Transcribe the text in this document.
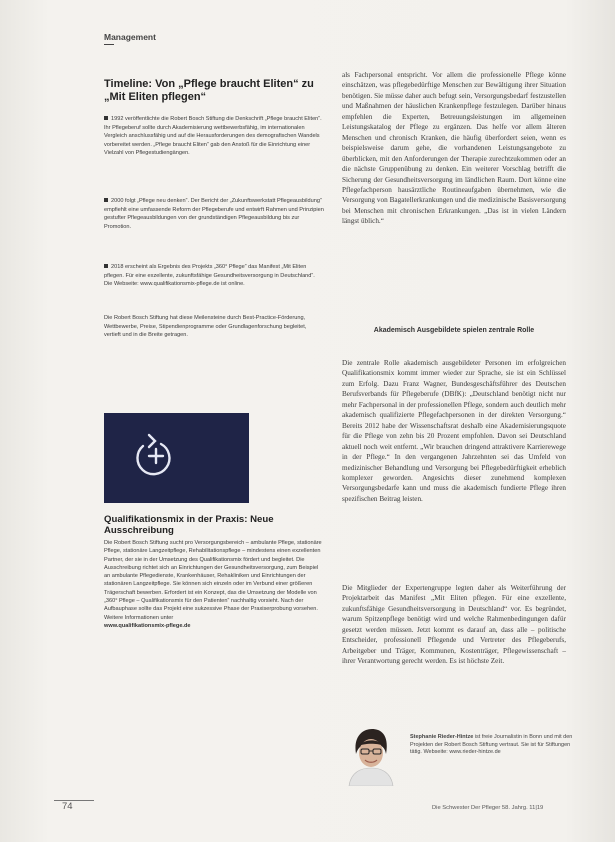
Management
Timeline: Von „Pflege braucht Eliten“ zu „Mit Eliten pflegen“
1992 veröffentlichte die Robert Bosch Stiftung die Denkschrift „Pflege braucht Eliten“. Ihr Pflegeberuf sollte durch Akademisierung wettbewerbsfähig, im internationalen Vergleich anschlussfähig und auf die Herausforderungen des demografischen Wandels vorbereitet werden. „Pflege braucht Eliten“ gab den Anstoß für die Einrichtung einer Vielzahl von Pflegestudiengängen.
2000 folgt „Pflege neu denken“. Der Bericht der „Zukunftswerkstatt Pflegeausbildung“ empfiehlt eine umfassende Reform der Pflegeberufe und entwirft Rahmen und Prinzipien gestufter Pflegeausbildungen von der grundständigen Pflegeausbildung bis zur Promotion.
2018 erscheint als Ergebnis des Projekts „360° Pflege“ das Manifest „Mit Eliten pflegen. Für eine exzellente, zukunftsfähige Gesundheitsversorgung in Deutschland“. Die Webseite: www.qualifikationsmix-pflege.de ist online.
Die Robert Bosch Stiftung hat diese Meilensteine durch Best-Practice-Förderung, Wettbewerbe, Preise, Stipendienprogramme oder Grundlagenforschung begleitet, vertieft und in die Breite getragen.
Qualifikationsmix in der Praxis: Neue Ausschreibung
Die Robert Bosch Stiftung sucht pro Versorgungsbereich – ambulante Pflege, stationäre Pflege, stationäre Langzeitpflege, Rehabilitationspflege – mindestens einen exzellenten Partner, der sie in der Umsetzung des Qualifikationsmix fördert und begleitet. Die Ausschreibung richtet sich an Einrichtungen der Gesundheitsversorgung, zum Beispiel an ambulante Pflegedienste, Krankenhäuser, Rehakliniken und Einrichtungen der stationären Langzeitpflege. Sie können sich einzeln oder im Verbund einer größeren Trägerschaft bewerben. Erfordert ist ein Konzept, das die Umsetzung der Modelle von „360° Pflege – Qualifikationsmix für den Patienten“ nachhaltig vorsieht. Nach der Aufbauphase sollte das Projekt eine sukzessive Phase der Praxiserprobung vorsehen. Weitere Informationen unter
www.qualifikationsmix-pflege.de
als Fachpersonal entspricht. Vor allem die professionelle Pflege könne einschätzen, was pflegebedürftige Menschen zur Bewältigung ihrer Situation benötigen. Sie müsse daher auch befugt sein, Versorgungsbedarf festzustellen und Maßnahmen der häuslichen Krankenpflege festzulegen. Darüber hinaus empfehlen die Experten, Betreuungsleistungen im allgemeinen Leistungskatalog der Pflege zu ergänzen. Das helfe vor allem älteren Menschen und chronisch Kranken, die häufig überfordert seien, wenn es beispielsweise darum gehe, die vorhandenen Leistungsangebote zu überblicken, mit den Anforderungen der Therapie zurechtzukommen oder an die nächste Gruppenübung zu denken. Ein weiterer Vorschlag betrifft die Sicherung der Gesundheitsversorgung im ländlichen Raum. Dort könne eine Pflegefachperson hausärztliche Routineaufgaben übernehmen, wie die Versorgung von Bagatellerkrankungen und die medizinische Basisversorgung bei Menschen mit chronischen Erkrankungen. „Das ist in vielen Ländern längst üblich.“
Akademisch Ausgebildete spielen zentrale Rolle
Die zentrale Rolle akademisch ausgebildeter Personen im erfolgreichen Qualifikationsmix kommt immer wieder zur Sprache, sie ist ein Schlüssel zum Erfolg. Dazu Franz Wagner, Bundesgeschäftsführer des Deutschen Berufsverbands für Pflegeberufe (DBfK): „Deutschland benötigt nicht nur mehr Fachpersonal in der professionellen Pflege, sondern auch deutlich mehr akademisch qualifizierte Pflegefachpersonen in der direkten Versorgung.“ Bereits 2012 habe der Wissenschaftsrat deshalb eine Akademisierungsquote für die Pflege von zehn bis 20 Prozent empfohlen. Davon sei Deutschland aktuell noch weit entfernt. „Wir brauchen dringend attraktivere Karrierewege in der Pflege.“ In den vergangenen Jahrzehnten sei das Umfeld von medizinischer Behandlung und Versorgung bei Pflegebedürftigkeit erheblich komplexer geworden. Angesichts dieser zunehmend komplexen Versorgungsbedarfe kann und muss die akademisch fundierte Pflege ihren spezifischen Beitrag leisten.
Die Mitglieder der Expertengruppe legten daher als Weiterführung der Projektarbeit das Manifest „Mit Eliten pflegen. Für eine exzellente, zukunftsfähige Gesundheitsversorgung in Deutschland“ vor. Es begründet, warum Spitzenpflege benötigt wird und welche Rahmenbedingungen dafür gesetzt werden müssen. Jetzt kommt es darauf an, dass alle – politische Entscheider, professionell Pflegende und Vertreter des Pflegeberufs, Arbeitgeber und Träger, Kommunen, Kostenträger, Pflegewissenschaft – ihrer Verantwortung gerecht werden. Es ist höchste Zeit.
Stephanie Rieder-Hintze ist freie Journalistin in Bonn und mit den Projekten der Robert Bosch Stiftung vertraut. Sie ist für Stiftungen tätig. Webseite: www.rieder-hintze.de
74	Die Schwester Der Pfleger 58. Jahrg. 11|19
